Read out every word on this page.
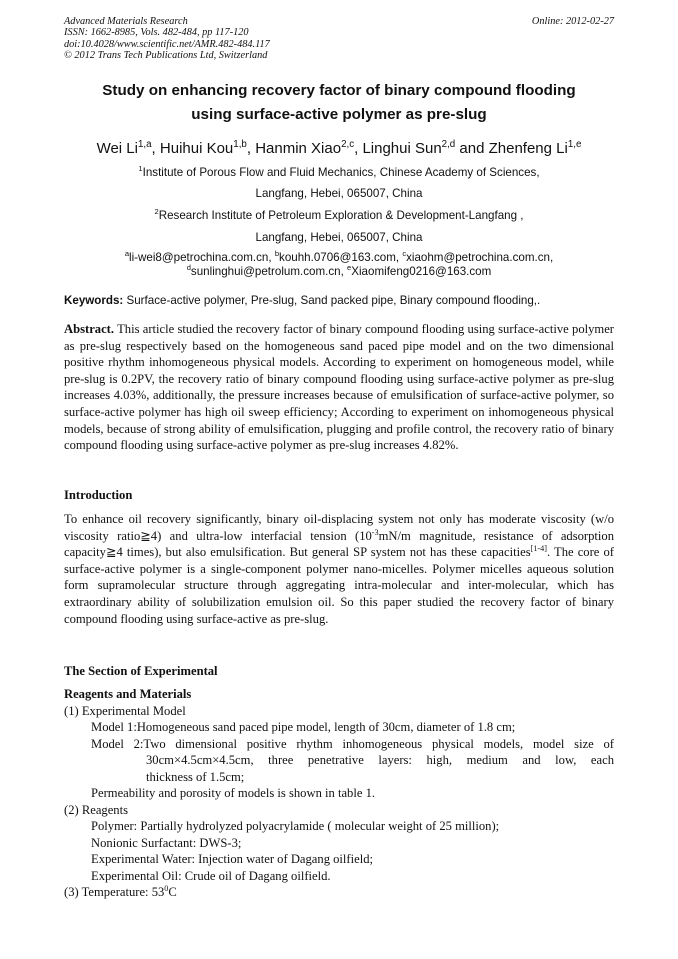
Advanced Materials Research
ISSN: 1662-8985, Vols. 482-484, pp 117-120
doi:10.4028/www.scientific.net/AMR.482-484.117
© 2012 Trans Tech Publications Ltd, Switzerland
Online: 2012-02-27
Study on enhancing recovery factor of binary compound flooding
using surface-active polymer as pre-slug
Wei Li$^{1,a}$, Huihui Kou$^{1,b}$, Hanmin Xiao$^{2,c}$, Linghui Sun$^{2,d}$ and Zhenfeng Li$^{1,e}$
$^1$Institute of Porous Flow and Fluid Mechanics, Chinese Academy of Sciences,
Langfang, Hebei, 065007, China
$^2$Research Institute of Petroleum Exploration & Development-Langfang ,
Langfang, Hebei, 065007, China
$^a$li-wei8@petrochina.com.cn, $^b$kouhh.0706@163.com, $^c$xiaohm@petrochina.com.cn,
$^d$sunlinghui@petrolum.com.cn, $^e$Xiaomifeng0216@163.com
Keywords: Surface-active polymer, Pre-slug, Sand packed pipe, Binary compound flooding,.
Abstract. This article studied the recovery factor of binary compound flooding using surface-active polymer as pre-slug respectively based on the homogeneous sand paced pipe model and on the two dimensional positive rhythm inhomogeneous physical models. According to experiment on homogeneous model, while pre-slug is 0.2PV, the recovery ratio of binary compound flooding using surface-active polymer as pre-slug increases 4.03%, additionally, the pressure increases because of emulsification of surface-active polymer, so surface-active polymer has high oil sweep efficiency; According to experiment on inhomogeneous physical models, because of strong ability of emulsification, plugging and profile control, the recovery ratio of binary compound flooding using surface-active polymer as pre-slug increases 4.82%.
Introduction
To enhance oil recovery significantly, binary oil-displacing system not only has moderate viscosity (w/o viscosity ratio≧4) and ultra-low interfacial tension ($10^{-3}mN/m$ magnitude, resistance of adsorption capacity≧4 times), but also emulsification. But general SP system not has these capacities[1-4]. The core of surface-active polymer is a single-component polymer nano-micelles. Polymer micelles aqueous solution form supramolecular structure through aggregating intra-molecular and inter-molecular, which has extraordinary ability of solubilization emulsion oil. So this paper studied the recovery factor of binary compound flooding using surface-active as pre-slug.
The Section of Experimental
Reagents and Materials
(1) Experimental Model
Model 1:Homogeneous sand paced pipe model, length of 30cm, diameter of 1.8 cm;
Model 2:Two dimensional positive rhythm inhomogeneous physical models, model size of
30cm×4.5cm×4.5cm, three penetrative layers: high, medium and low, each
thickness of 1.5cm;
Permeability and porosity of models is shown in table 1.
(2) Reagents
Polymer: Partially hydrolyzed polyacrylamide ( molecular weight of 25 million);
Nonionic Surfactant: DWS-3;
Experimental Water: Injection water of Dagang oilfield;
Experimental Oil: Crude oil of Dagang oilfield.
(3) Temperature: $53^0C$
